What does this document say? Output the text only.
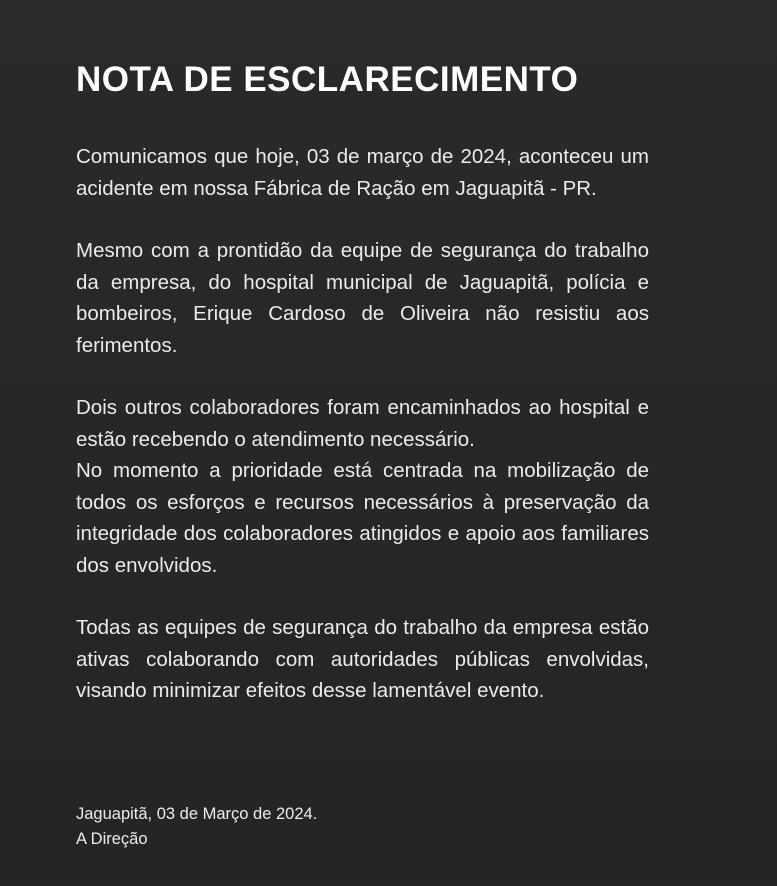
NOTA DE ESCLARECIMENTO

Comunicamos que hoje, 03 de março de 2024, aconteceu um acidente em nossa Fábrica de Ração em Jaguapitã - PR.

Mesmo com a prontidão da equipe de segurança do trabalho da empresa, do hospital municipal de Jaguapitã, polícia e bombeiros, Erique Cardoso de Oliveira não resistiu aos ferimentos.

Dois outros colaboradores foram encaminhados ao hospital e estão recebendo o atendimento necessário.

No momento a prioridade está centrada na mobilização de todos os esforços e recursos necessários à preservação da integridade dos colaboradores atingidos e apoio aos familiares dos envolvidos.

Todas as equipes de segurança do trabalho da empresa estão ativas colaborando com autoridades públicas envolvidas, visando minimizar efeitos desse lamentável evento.

Jaguapitã, 03 de Março de 2024.
A Direção
